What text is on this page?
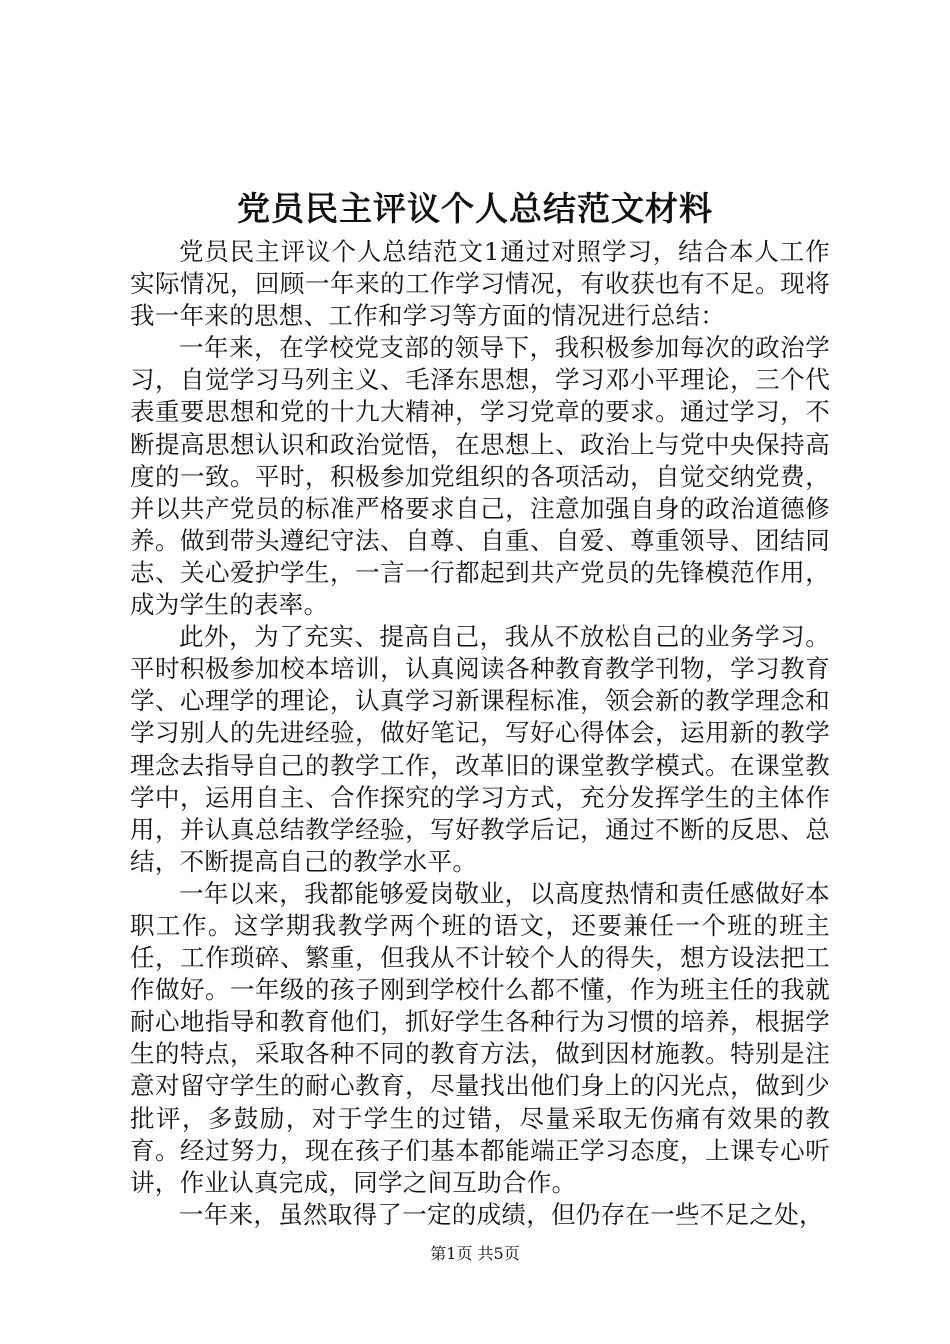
党员民主评议个人总结范文材料

党员民主评议个人总结范文1通过对照学习，结合本人工作实际情况，回顾一年来的工作学习情况，有收获也有不足。现将我一年来的思想、工作和学习等方面的情况进行总结：

一年来，在学校党支部的领导下，我积极参加每次的政治学习，自觉学习马列主义、毛泽东思想，学习邓小平理论，三个代表重要思想和党的十九大精神，学习党章的要求。通过学习，不断提高思想认识和政治觉悟，在思想上、政治上与党中央保持高度的一致。平时，积极参加党组织的各项活动，自觉交纳党费，并以共产党员的标准严格要求自己，注意加强自身的政治道德修养。做到带头遵纪守法、自尊、自重、自爱、尊重领导、团结同志、关心爱护学生，一言一行都起到共产党员的先锋模范作用，成为学生的表率。

此外，为了充实、提高自己，我从不放松自己的业务学习。平时积极参加校本培训，认真阅读各种教育教学刊物，学习教育学、心理学的理论，认真学习新课程标准，领会新的教学理念和学习别人的先进经验，做好笔记，写好心得体会，运用新的教学理念去指导自己的教学工作，改革旧的课堂教学模式。在课堂教学中，运用自主、合作探究的学习方式，充分发挥学生的主体作用，并认真总结教学经验，写好教学后记，通过不断的反思、总结，不断提高自己的教学水平。

一年以来，我都能够爱岗敬业，以高度热情和责任感做好本职工作。这学期我教学两个班的语文，还要兼任一个班的班主任，工作琐碎、繁重，但我从不计较个人的得失，想方设法把工作做好。一年级的孩子刚到学校什么都不懂，作为班主任的我就耐心地指导和教育他们，抓好学生各种行为习惯的培养，根据学生的特点，采取各种不同的教育方法，做到因材施教。特别是注意对留守学生的耐心教育，尽量找出他们身上的闪光点，做到少批评，多鼓励，对于学生的过错，尽量采取无伤痛有效果的教育。经过努力，现在孩子们基本都能端正学习态度，上课专心听讲，作业认真完成，同学之间互助合作。

一年来，虽然取得了一定的成绩，但仍存在一些不足之处，

第1页 共5页
